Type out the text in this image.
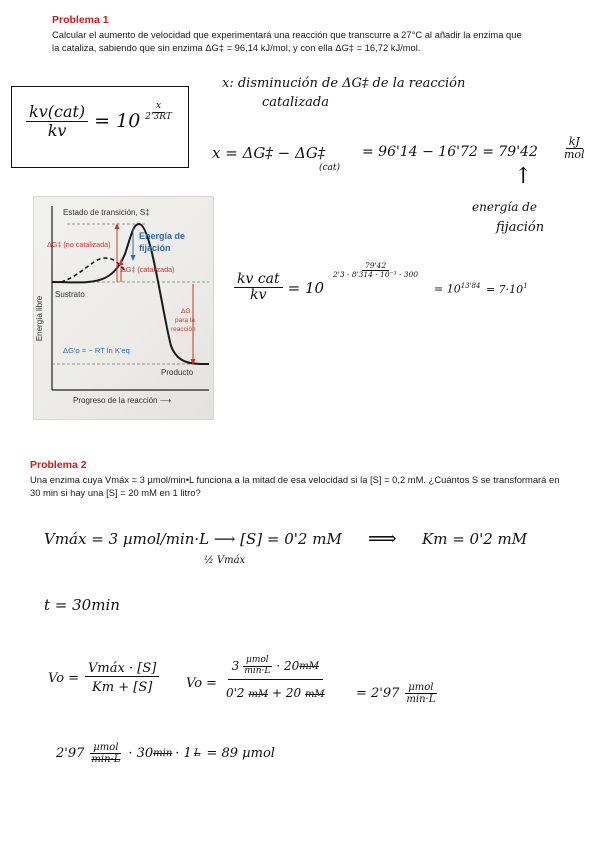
Problema 1
Calcular el aumento de velocidad que experimentará una reacción que transcurre a 27°C al añadir la enzima que la cataliza, sabiendo que sin enzima ΔG‡ = 96,14 kJ/mol, y con ella ΔG‡ = 16,72 kJ/mol.
$\frac{\text{kv(cat)}}{kv} = 10 \frac{x}{2'3RT}$
x: disminución de ΔG‡ de la reacción
catalizada
x = ΔG‡ − ΔG‡
(cat)
= $96'14 - 16'72 = 79'42 \frac{kJ}{\text{mol}}$
↑
energía de
fijación
$\frac{\text{kv cat}}{kv} = 10$
$\frac{79'42}{\text{2'3 · 8'314 · 10⁻³ · 300}}$
= $10^{13'84} = 7\cdot 10^1$
Estado de transición, S‡
ΔG‡ (no catalizada)
Energía de
fijación
ΔG‡ (catalizada)
Sustrato
Energía libre	ΔG
para la
reacción
ΔG'o = − RT ln K'eq
Producto
Progreso de la reacción ⟶
Problema 2
Una enzima cuya Vmáx = 3 µmol/min•L funciona a la mitad de esa velocidad si la [S] = 0,2 mM. ¿Cuántos S se transformará en 30 min si hay una [S] = 20 mM en 1 litro?
Vmáx = 3 µmol/min·L ⟶ [S] = 0'2 mM
½ Vmáx
⟹ Km = 0'2 mM
t = 30min
$Vo = \frac{\text{Vmáx · [S]}}{Km + [S]}$ Vo =
$3 \frac{\text{µmol}}{\min\cdot L} \cdot 20$ mM
0'2 mM + 20 mM = $2'97 \frac{\text{µmol}}{\min\cdot L}$
$2'97 \frac{\text{µmol}}{\min\cdot L} \cdot 30$ min · 1 L = 89 µmol
